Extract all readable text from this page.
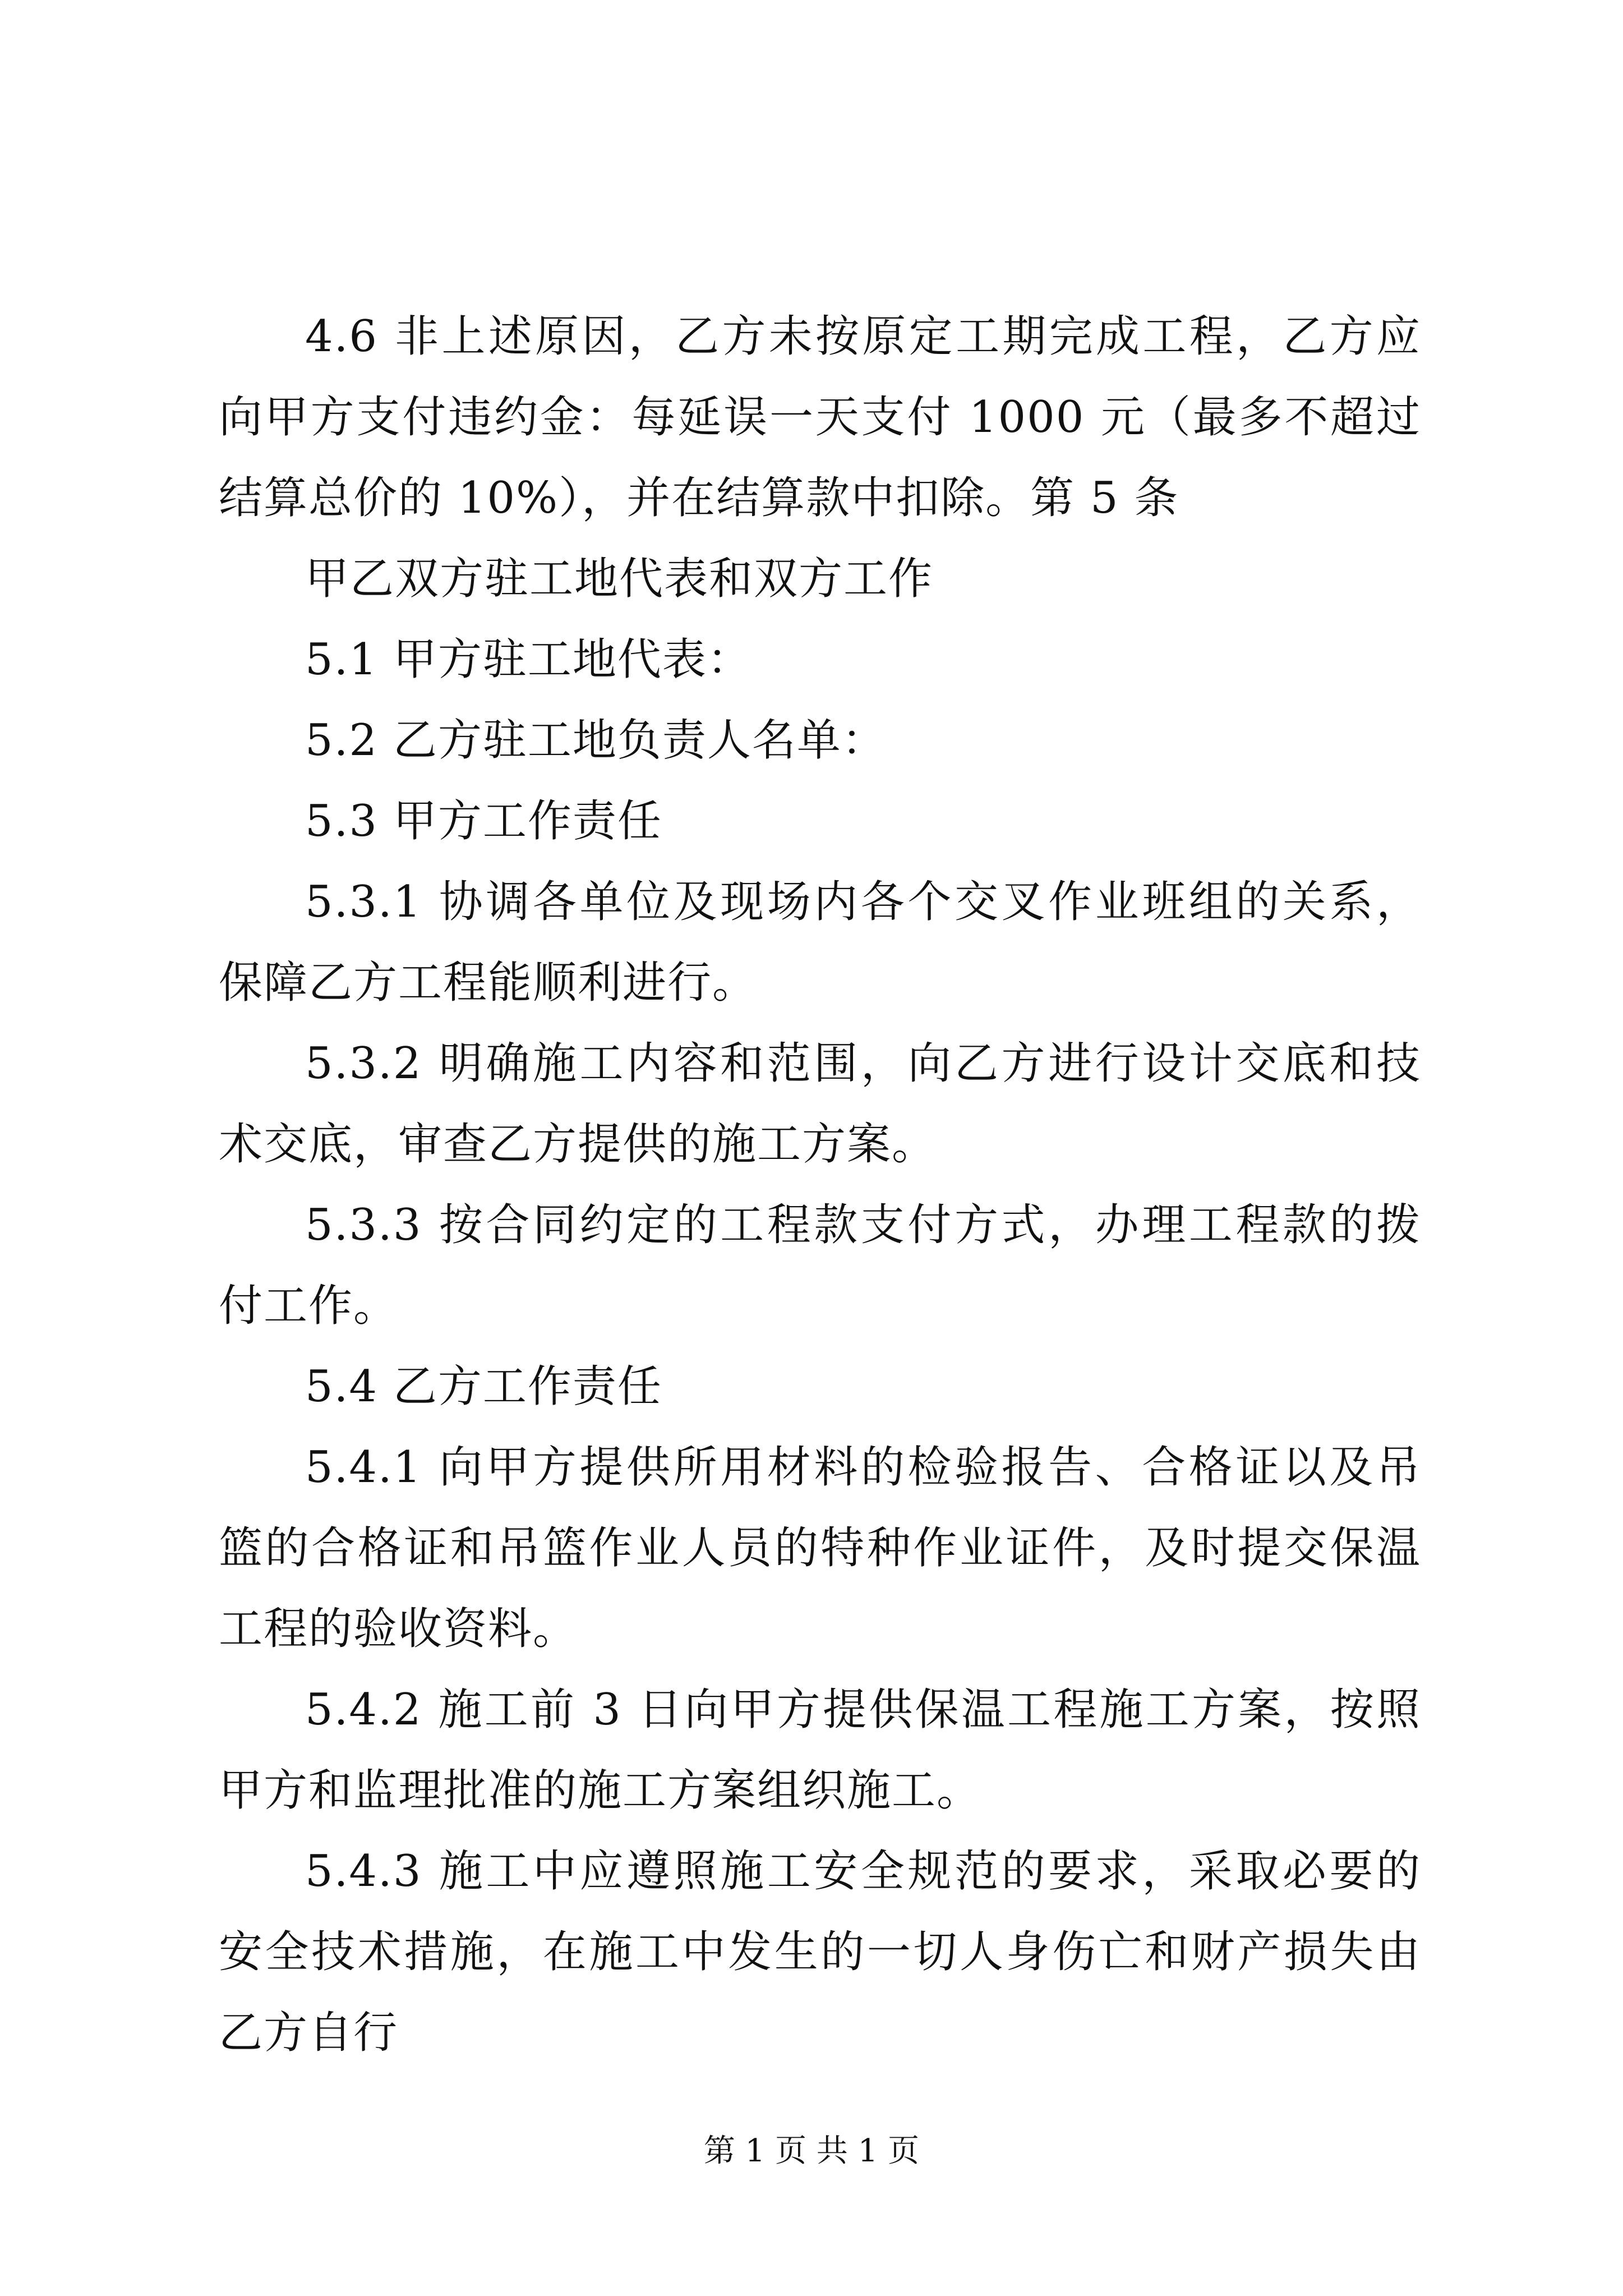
4.6 非上述原因，乙方未按原定工期完成工程，乙方应向甲方支付违约金：每延误一天支付 1000 元（最多不超过结算总价的 10%），并在结算款中扣除。第 5 条

甲乙双方驻工地代表和双方工作

5.1 甲方驻工地代表：

5.2 乙方驻工地负责人名单：

5.3 甲方工作责任

5.3.1 协调各单位及现场内各个交叉作业班组的关系，保障乙方工程能顺利进行。

5.3.2 明确施工内容和范围，向乙方进行设计交底和技术交底，审查乙方提供的施工方案。

5.3.3 按合同约定的工程款支付方式，办理工程款的拨付工作。

5.4 乙方工作责任

5.4.1 向甲方提供所用材料的检验报告、合格证以及吊篮的合格证和吊篮作业人员的特种作业证件，及时提交保温工程的验收资料。

5.4.2 施工前 3 日向甲方提供保温工程施工方案，按照甲方和监理批准的施工方案组织施工。

5.4.3 施工中应遵照施工安全规范的要求，采取必要的安全技术措施，在施工中发生的一切人身伤亡和财产损失由乙方自行

第 1 页 共 1 页
